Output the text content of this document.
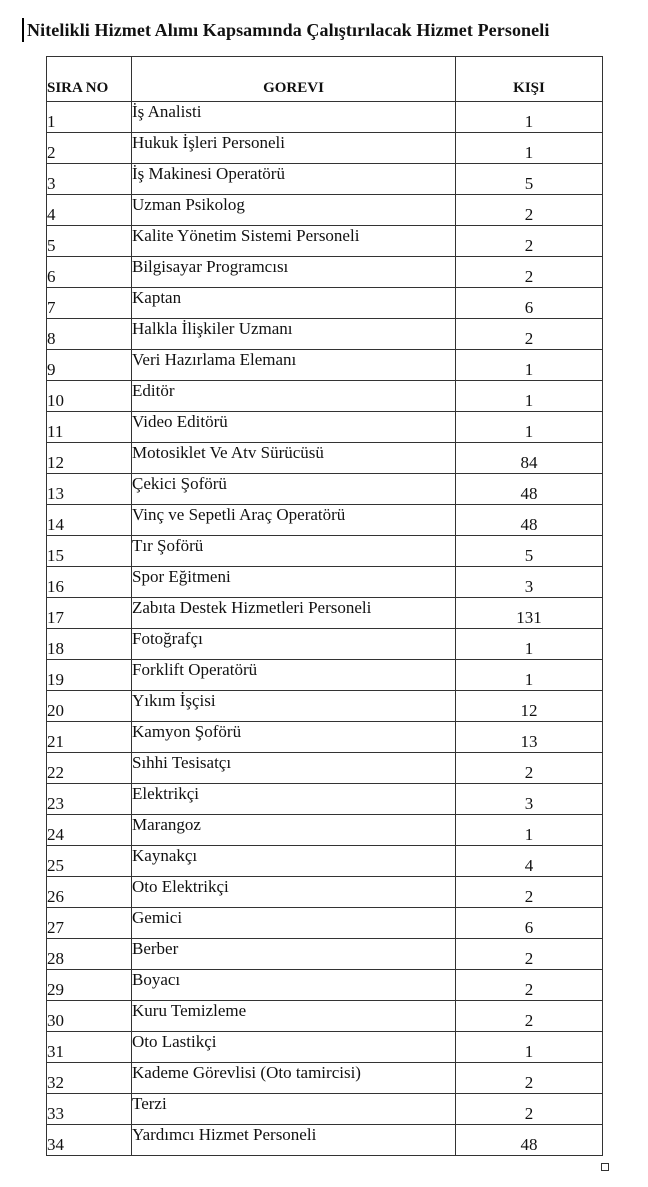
Nitelikli Hizmet Alımı Kapsamında Çalıştırılacak Hizmet Personeli
SIRA NO	GOREVI	KIŞI
1	İş Analisti	1
2	Hukuk İşleri Personeli	1
3	İş Makinesi Operatörü	5
4	Uzman Psikolog	2
5	Kalite Yönetim Sistemi Personeli	2
6	Bilgisayar Programcısı	2
7	Kaptan	6
8	Halkla İlişkiler Uzmanı	2
9	Veri Hazırlama Elemanı	1
10	Editör	1
11	Video Editörü	1
12	Motosiklet Ve Atv Sürücüsü	84
13	Çekici Şoförü	48
14	Vinç ve Sepetli Araç Operatörü	48
15	Tır Şoförü	5
16	Spor Eğitmeni	3
17	Zabıta Destek Hizmetleri Personeli	131
18	Fotoğrafçı	1
19	Forklift Operatörü	1
20	Yıkım İşçisi	12
21	Kamyon Şoförü	13
22	Sıhhi Tesisatçı	2
23	Elektrikçi	3
24	Marangoz	1
25	Kaynakçı	4
26	Oto Elektrikçi	2
27	Gemici	6
28	Berber	2
29	Boyacı	2
30	Kuru Temizleme	2
31	Oto Lastikçi	1
32	Kademe Görevlisi (Oto tamircisi)	2
33	Terzi	2
34	Yardımcı Hizmet Personeli	48
